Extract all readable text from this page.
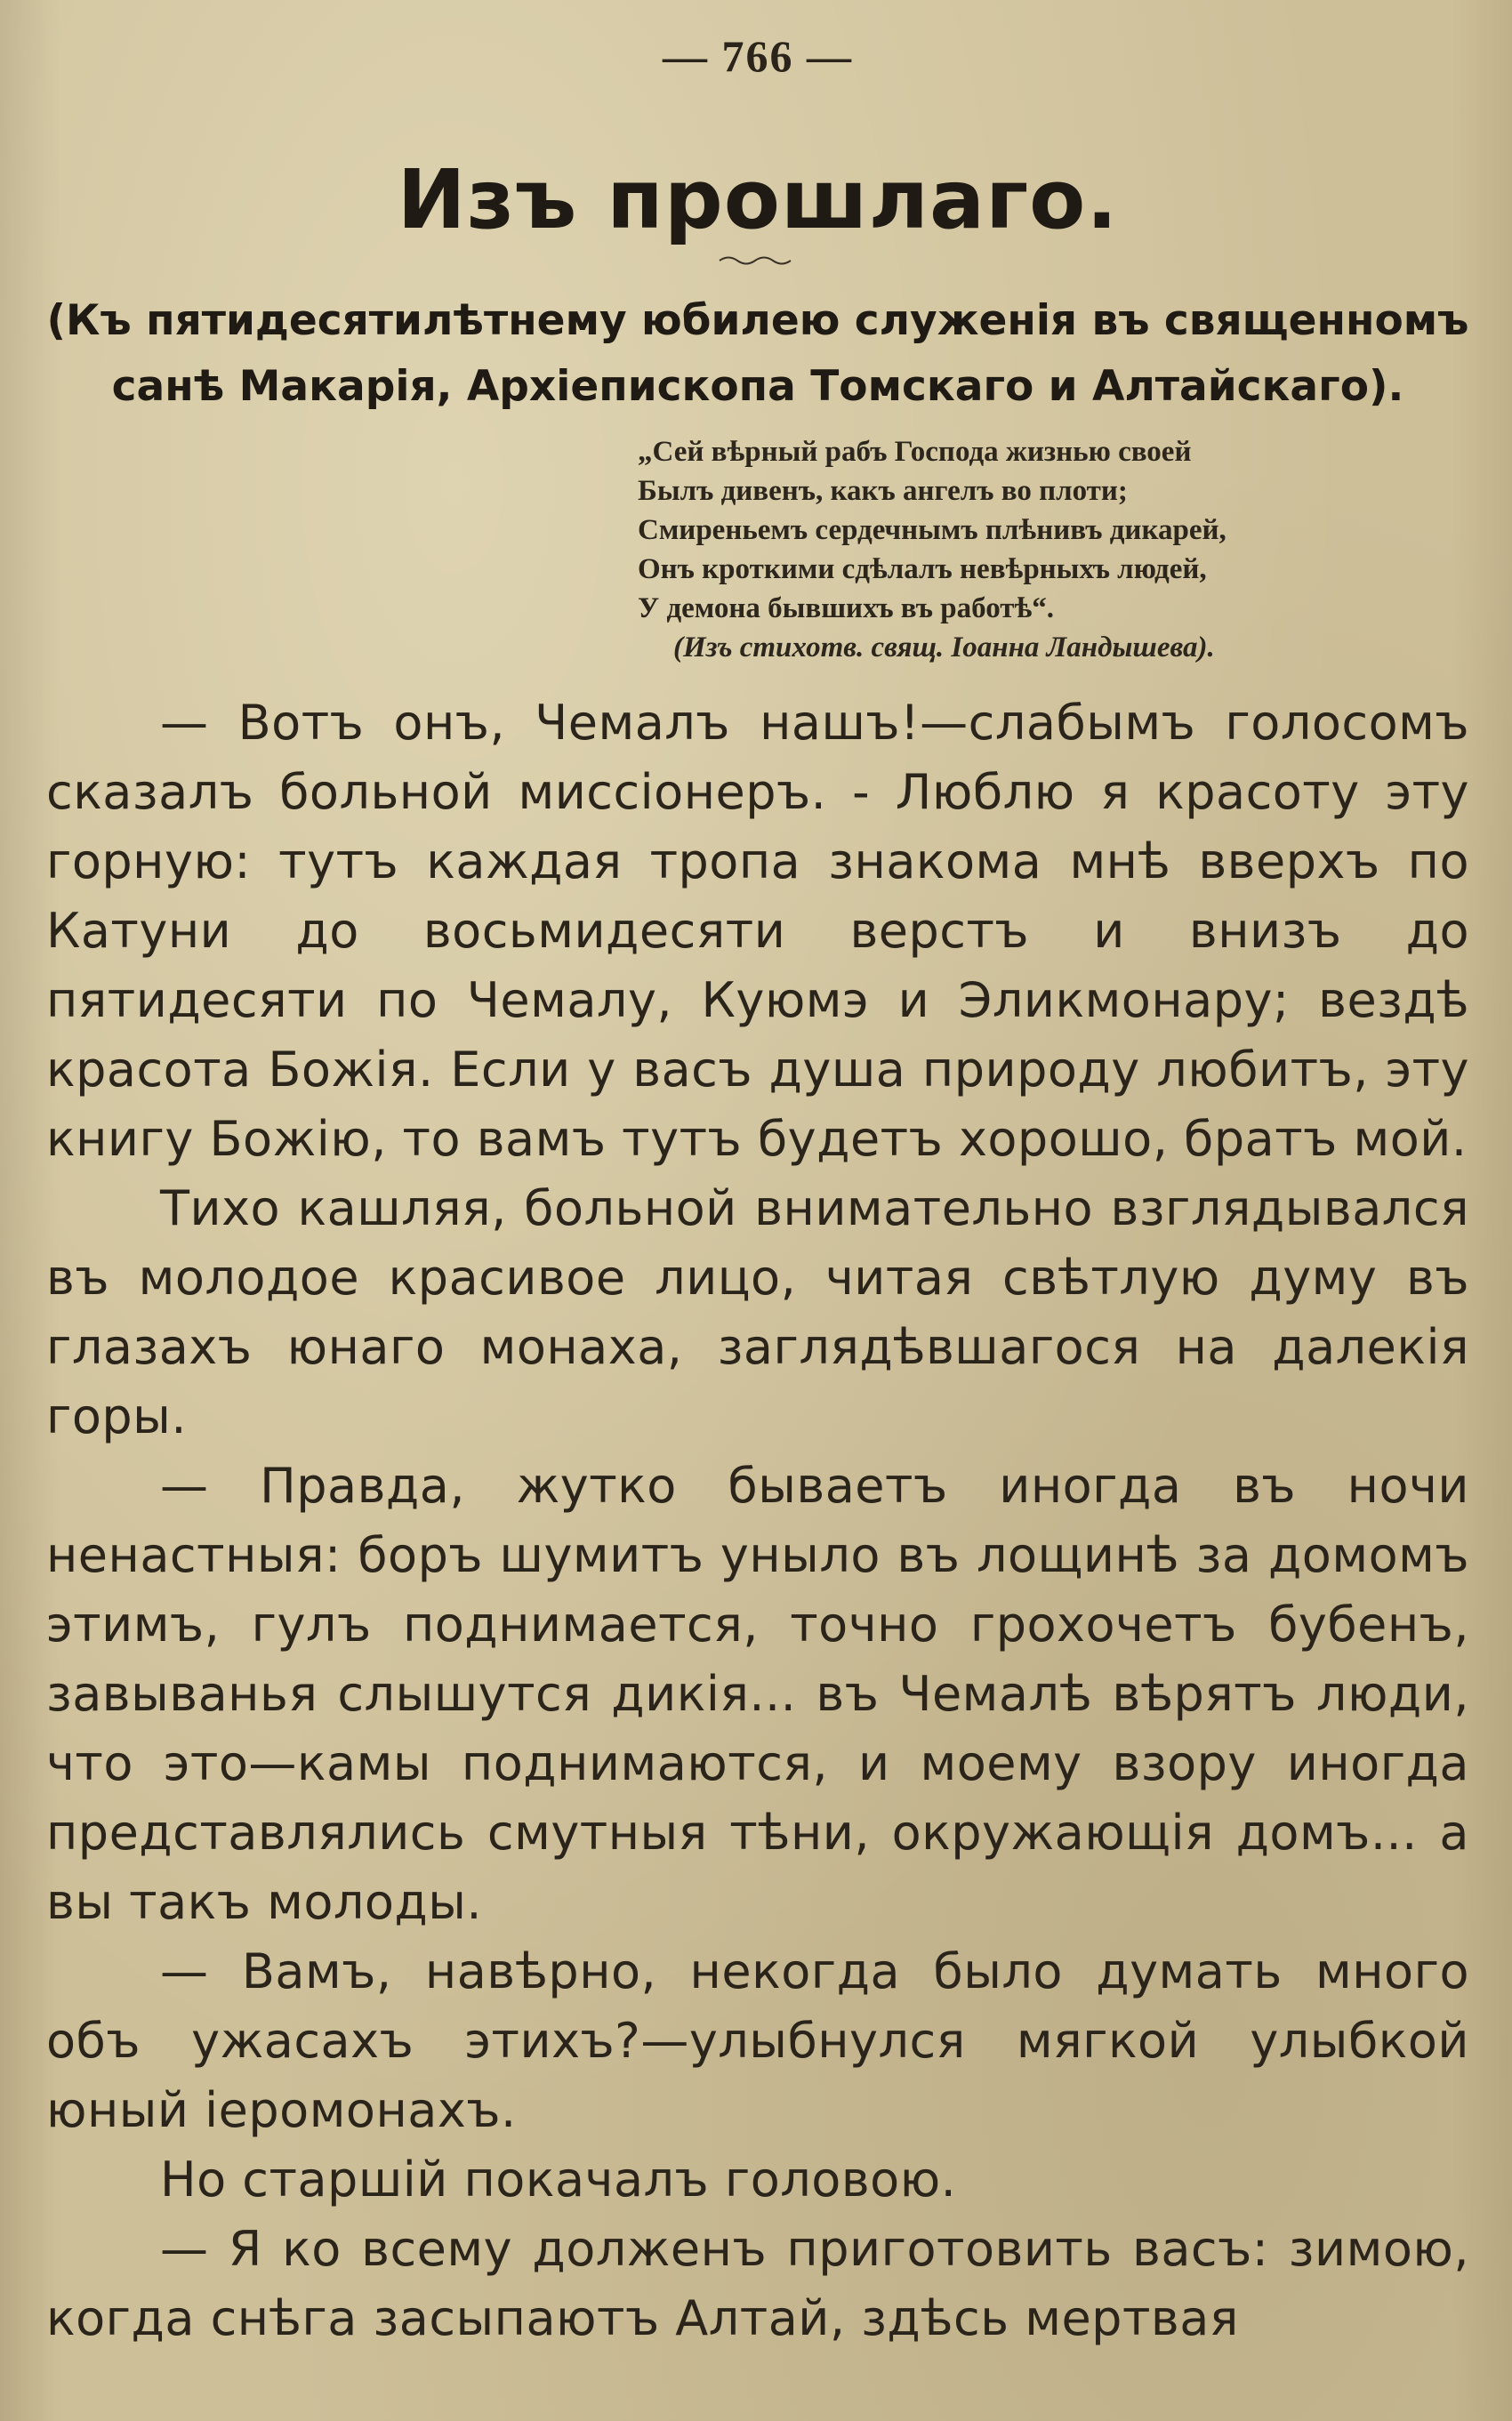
— 766 —
Изъ прошлаго.
(Къ пятидесятилѣтнему юбилею служенія въ священномъ санѣ Макарія, Архіепископа Томскаго и Алтайскаго).
„Сей вѣрный рабъ Господа жизнью своей
Былъ дивенъ, какъ ангелъ во плоти;
Смиреньемъ сердечнымъ плѣнивъ дикарей,
Онъ кроткими сдѣлалъ невѣрныхъ людей,
У демона бывшихъ въ работѣ“.
(Изъ стихотв. свящ. Іоанна Ландышева).

— Вотъ онъ, Чемалъ нашъ!—слабымъ голосомъ сказалъ больной миссіонеръ. - Люблю я красоту эту горную: тутъ каждая тропа знакома мнѣ вверхъ по Катуни до восьмидесяти верстъ и внизъ до пятидесяти по Чемалу, Куюмэ и Эликмонару; вездѣ красота Божія. Если у васъ душа природу любитъ, эту книгу Божію, то вамъ тутъ будетъ хорошо, братъ мой.

Тихо кашляя, больной внимательно взглядывался въ молодое красивое лицо, читая свѣтлую думу въ глазахъ юнаго монаха, заглядѣвшагося на далекія горы.

— Правда, жутко бываетъ иногда въ ночи ненастныя: боръ шумитъ уныло въ лощинѣ за домомъ этимъ, гулъ поднимается, точно грохочетъ бубенъ, завыванья слышутся дикія... въ Чемалѣ вѣрятъ люди, что это—камы поднимаются, и моему взору иногда представлялись смутныя тѣни, окружающія домъ... а вы такъ молоды.

— Вамъ, навѣрно, некогда было думать много объ ужасахъ этихъ?—улыбнулся мягкой улыбкой юный іеромонахъ.

Но старшій покачалъ головою.

— Я ко всему долженъ приготовить васъ: зимою, когда снѣга засыпаютъ Алтай, здѣсь мертвая
